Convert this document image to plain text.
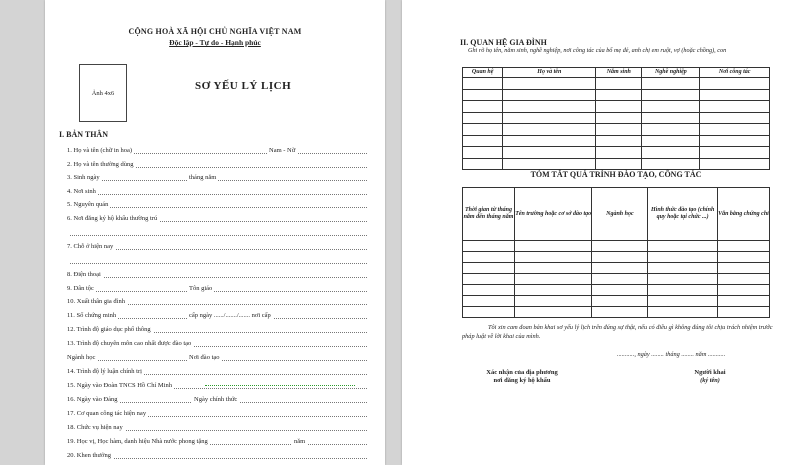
CỘNG HOÀ XÃ HỘI CHỦ NGHĨA VIỆT NAM
Độc lập - Tự do - Hạnh phúc
Ảnh 4x6
SƠ YẾU LÝ LỊCH
I. BẢN THÂN
1. Họ và tên (chữ in hoa)	Nam - Nữ
2. Họ và tên thường dùng
3. Sinh ngày	tháng năm
4. Nơi sinh
5. Nguyên quán
6. Nơi đăng ký hộ khẩu thường trú
7. Chỗ ở hiện nay
8. Điện thoại
9. Dân tộc	Tôn giáo
10. Xuất thân gia đình
11. Số chứng minh	cấp ngày ....../......./....... nơi cấp
12. Trình độ giáo dục phổ thông
13. Trình độ chuyên môn cao nhất được đào tạo
Ngành học	Nơi đào tạo
14. Trình độ lý luận chính trị
15. Ngày vào Đoàn TNCS Hồ Chí Minh
16. Ngày vào Đảng	Ngày chính thức
17. Cơ quan công tác hiện nay
18. Chức vụ hiện nay
19. Học vị, Học hàm, danh hiệu Nhà nước phong tặng	năm
20. Khen thưởng
II. QUAN HỆ GIA ĐÌNH
Ghi rõ họ tên, năm sinh, nghề nghiệp, nơi công tác của bố mẹ đẻ, anh chị em ruột, vợ (hoặc chồng), con
Quan hệ	Họ và tên	Năm sinh	Nghề nghiệp	Nơi công tác

TÓM TẮT QUÁ TRÌNH ĐÀO TẠO, CÔNG TÁC
Thời gian từ tháng năm đến tháng năm	Tên trường hoặc cơ sở đào tạo	Ngành học	Hình thức đào tạo (chính quy hoặc tại chức ...)	Văn bằng chứng chỉ

Tôi xin cam đoan bản khai sơ yếu lý lịch trên đúng sự thật, nếu có điều gì không đúng tôi chịu trách nhiệm trước pháp luật về lời khai của mình.
..........., ngày ........ tháng ........ năm ...........
Xác nhận của địa phương
nơi đăng ký hộ khẩu
Người khai
(ký tên)
